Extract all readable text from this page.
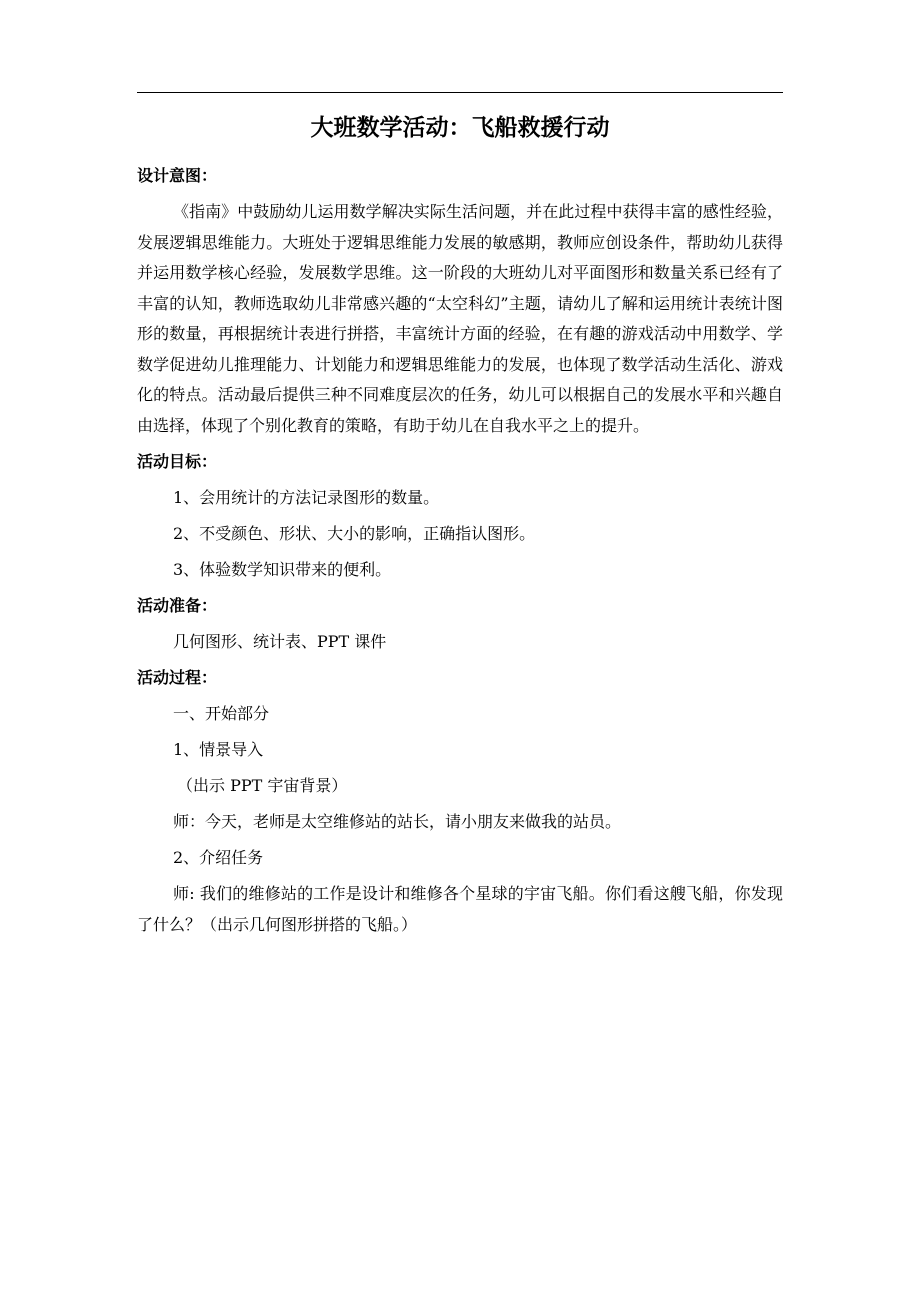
大班数学活动：飞船救援行动
设计意图：

《指南》中鼓励幼儿运用数学解决实际生活问题，并在此过程中获得丰富的感性经验，发展逻辑思维能力。大班处于逻辑思维能力发展的敏感期，教师应创设条件，帮助幼儿获得并运用数学核心经验，发展数学思维。这一阶段的大班幼儿对平面图形和数量关系已经有了丰富的认知，教师选取幼儿非常感兴趣的“太空科幻”主题，请幼儿了解和运用统计表统计图形的数量，再根据统计表进行拼搭，丰富统计方面的经验，在有趣的游戏活动中用数学、学数学促进幼儿推理能力、计划能力和逻辑思维能力的发展，也体现了数学活动生活化、游戏化的特点。活动最后提供三种不同难度层次的任务，幼儿可以根据自己的发展水平和兴趣自由选择，体现了个别化教育的策略，有助于幼儿在自我水平之上的提升。

活动目标：
1、会用统计的方法记录图形的数量。
2、不受颜色、形状、大小的影响，正确指认图形。
3、体验数学知识带来的便利。
活动准备：
几何图形、统计表、PPT 课件
活动过程：
一、开始部分
1、情景导入
（出示 PPT 宇宙背景）
师：今天，老师是太空维修站的站长，请小朋友来做我的站员。
2、介绍任务

师: 我们的维修站的工作是设计和维修各个星球的宇宙飞船。你们看这艘飞船，你发现了什么？（出示几何图形拼搭的飞船。）
